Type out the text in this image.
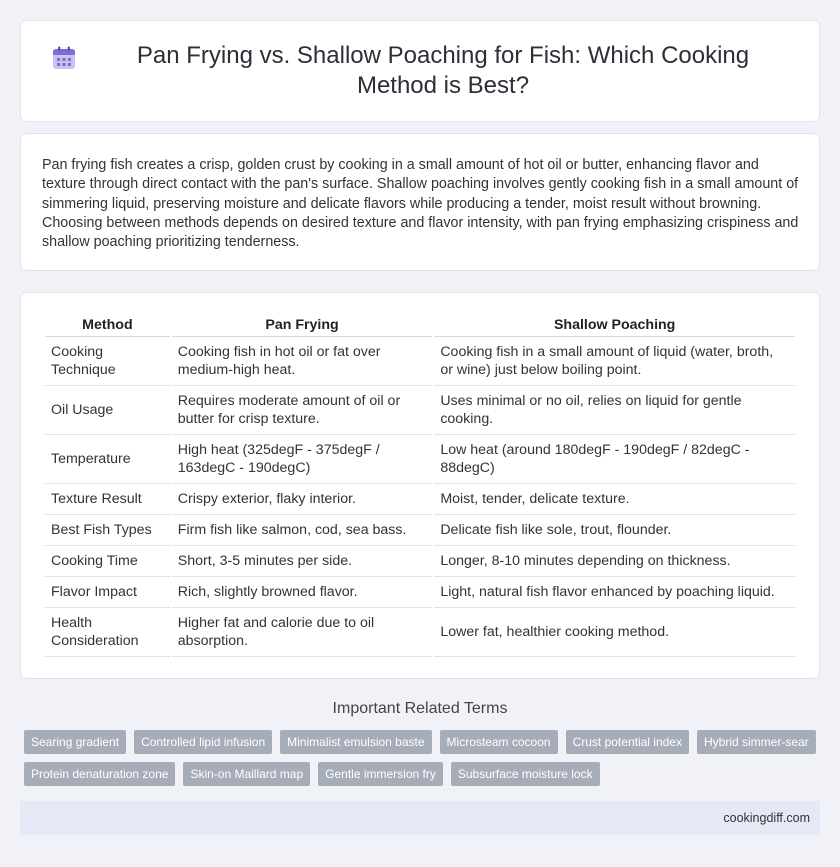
Pan Frying vs. Shallow Poaching for Fish: Which Cooking Method is Best?

Pan frying fish creates a crisp, golden crust by cooking in a small amount of hot oil or butter, enhancing flavor and texture through direct contact with the pan's surface. Shallow poaching involves gently cooking fish in a small amount of simmering liquid, preserving moisture and delicate flavors while producing a tender, moist result without browning. Choosing between methods depends on desired texture and flavor intensity, with pan frying emphasizing crispiness and shallow poaching prioritizing tenderness.

Method	Pan Frying	Shallow Poaching
Cooking Technique	Cooking fish in hot oil or fat over medium-high heat.	Cooking fish in a small amount of liquid (water, broth, or wine) just below boiling point.
Oil Usage	Requires moderate amount of oil or butter for crisp texture.	Uses minimal or no oil, relies on liquid for gentle cooking.
Temperature	High heat (325degF - 375degF / 163degC - 190degC)	Low heat (around 180degF - 190degF / 82degC - 88degC)
Texture Result	Crispy exterior, flaky interior.	Moist, tender, delicate texture.
Best Fish Types	Firm fish like salmon, cod, sea bass.	Delicate fish like sole, trout, flounder.
Cooking Time	Short, 3-5 minutes per side.	Longer, 8-10 minutes depending on thickness.
Flavor Impact	Rich, slightly browned flavor.	Light, natural fish flavor enhanced by poaching liquid.
Health Consideration	Higher fat and calorie due to oil absorption.	Lower fat, healthier cooking method.
Important Related Terms
Searing gradient	Controlled lipid infusion	Minimalist emulsion baste	Microsteam cocoon	Crust potential index	Hybrid simmer-sear
Protein denaturation zone	Skin-on Maillard map	Gentle immersion fry	Subsurface moisture lock
cookingdiff.com
